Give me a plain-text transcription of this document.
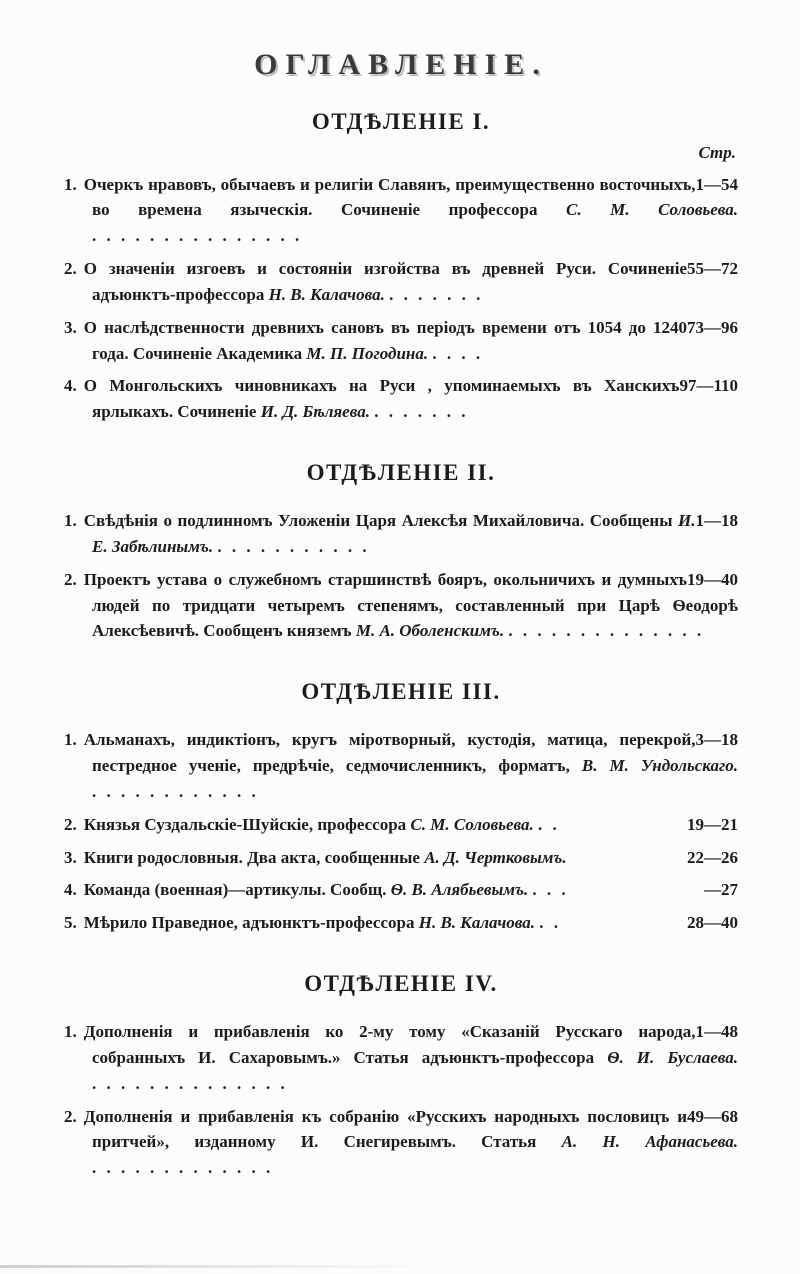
ОГЛАВЛЕНІЕ.
ОТДѢЛЕНІЕ I.
Стр.
1—54
1. Очеркъ нравовъ, обычаевъ и религіи Славянъ, преимущественно восточныхъ, во времена языческія. Сочиненіе профессора С. М. Соловьева. . . . . . . . . . . . . . . .
55—72
2. О значеніи изгоевъ и состояніи изгойства въ древней Руси. Сочиненіе адъюнктъ-профессора Н. В. Калачова. . . . . . . .
73—96
3. О наслѣдственности древнихъ сановъ въ періодъ времени отъ 1054 до 1240 года. Сочиненіе Академика М. П. Погодина. . . . .
97—110
4. О Монгольскихъ чиновникахъ на Руси , упоминаемыхъ въ Ханскихъ ярлыкахъ. Сочиненіе И. Д. Бѣляева. . . . . . . .
ОТДѢЛЕНІЕ II.
1—18
1. Свѣдѣнія о подлинномъ Уложеніи Царя Алексѣя Михайловича. Сообщены И. Е. Забѣлинымъ. . . . . . . . . . . .
19—40
2. Проектъ устава о служебномъ старшинствѣ бояръ, окольничихъ и думныхъ людей по тридцати четыремъ степенямъ, составленный при Царѣ Ѳеодорѣ Алексѣевичѣ. Сообщенъ княземъ М. А. Оболенскимъ. . . . . . . . . . . . . . .
ОТДѢЛЕНІЕ III.
3—18
1. Альманахъ, индиктіонъ, кругъ міротворный, кустодія, матица, перекрой, пестредное ученіе, предрѣчіе, седмочисленникъ, форматъ, В. М. Ундольскаго. . . . . . . . . . . . .
19—21
2. Князья Суздальскіе-Шуйскіе, профессора С. М. Соловьева. . .
22—26
3. Книги родословныя. Два акта, сообщенные А. Д. Чертковымъ.
—27
4. Команда (военная)—артикулы. Сообщ. Ѳ. В. Алябьевымъ. . . .
28—40
5. Мѣрило Праведное, адъюнктъ-профессора Н. В. Калачова. . .
ОТДѢЛЕНІЕ IV.
1—48
1. Дополненія и прибавленія ко 2-му тому «Сказаній Русскаго народа, собранныхъ И. Сахаровымъ.» Статья адъюнктъ-профессора Ѳ. И. Буслаева. . . . . . . . . . . . . . .
49—68
2. Дополненія и прибавленія къ собранію «Русскихъ народныхъ пословицъ и притчей», изданному И. Снегиревымъ. Статья А. Н. Афанасьева. . . . . . . . . . . . . .
